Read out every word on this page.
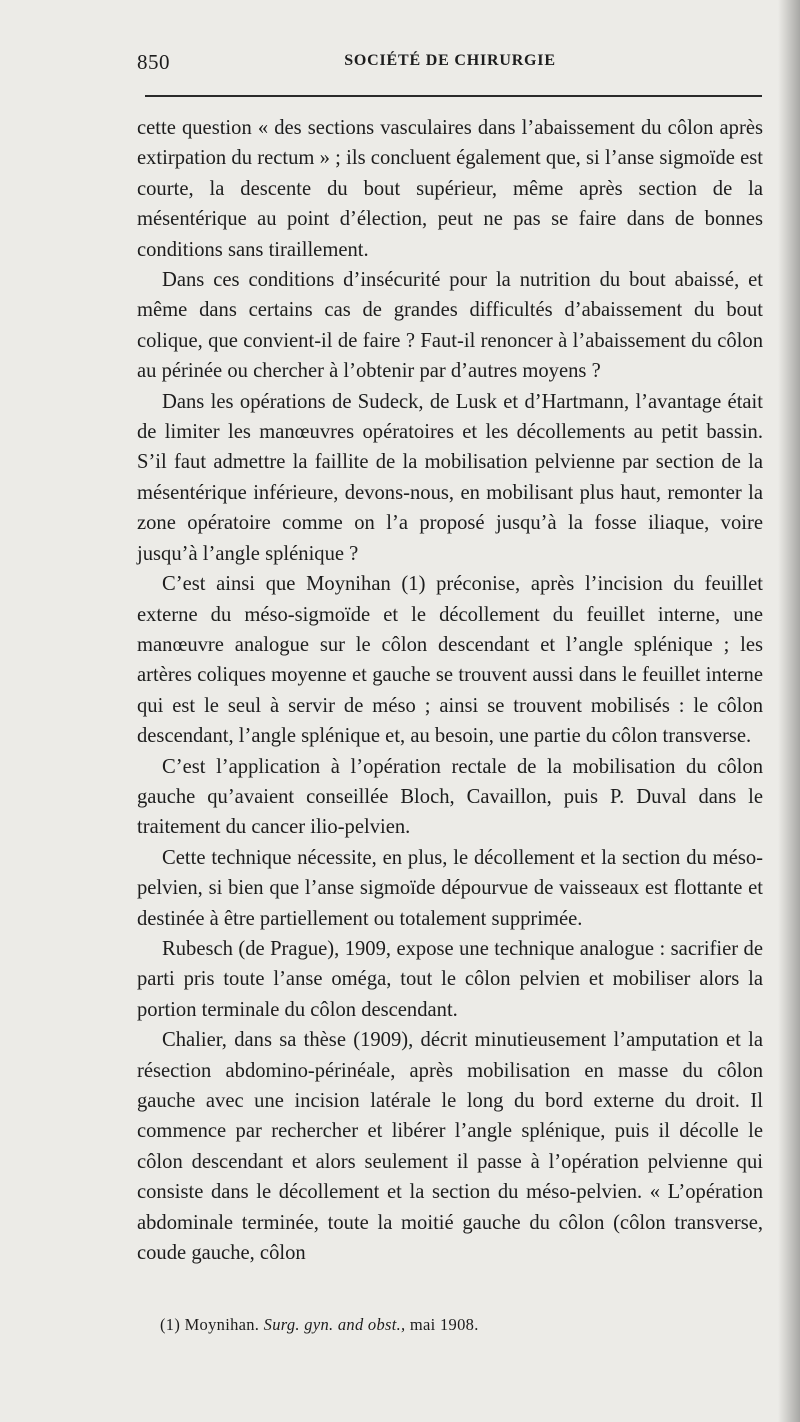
850	SOCIÉTÉ DE CHIRURGIE

cette question « des sections vasculaires dans l’abaissement du côlon après extirpation du rectum » ; ils concluent également que, si l’anse sigmoïde est courte, la descente du bout supérieur, même après section de la mésentérique au point d’élection, peut ne pas se faire dans de bonnes conditions sans tiraillement.

Dans ces conditions d’insécurité pour la nutrition du bout abaissé, et même dans certains cas de grandes difficultés d’abaissement du bout colique, que convient-il de faire ? Faut-il renoncer à l’abaissement du côlon au périnée ou chercher à l’obtenir par d’autres moyens ?

Dans les opérations de Sudeck, de Lusk et d’Hartmann, l’avantage était de limiter les manœuvres opératoires et les décollements au petit bassin. S’il faut admettre la faillite de la mobilisation pelvienne par section de la mésentérique inférieure, devons-nous, en mobilisant plus haut, remonter la zone opératoire comme on l’a proposé jusqu’à la fosse iliaque, voire jusqu’à l’angle splénique ?

C’est ainsi que Moynihan (1) préconise, après l’incision du feuillet externe du méso-sigmoïde et le décollement du feuillet interne, une manœuvre analogue sur le côlon descendant et l’angle splénique ; les artères coliques moyenne et gauche se trouvent aussi dans le feuillet interne qui est le seul à servir de méso ; ainsi se trouvent mobilisés : le côlon descendant, l’angle splénique et, au besoin, une partie du côlon transverse.

C’est l’application à l’opération rectale de la mobilisation du côlon gauche qu’avaient conseillée Bloch, Cavaillon, puis P. Duval dans le traitement du cancer ilio-pelvien.

Cette technique nécessite, en plus, le décollement et la section du méso-pelvien, si bien que l’anse sigmoïde dépourvue de vaisseaux est flottante et destinée à être partiellement ou totalement supprimée.

Rubesch (de Prague), 1909, expose une technique analogue : sacrifier de parti pris toute l’anse oméga, tout le côlon pelvien et mobiliser alors la portion terminale du côlon descendant.

Chalier, dans sa thèse (1909), décrit minutieusement l’amputation et la résection abdomino-périnéale, après mobilisation en masse du côlon gauche avec une incision latérale le long du bord externe du droit. Il commence par rechercher et libérer l’angle splénique, puis il décolle le côlon descendant et alors seulement il passe à l’opération pelvienne qui consiste dans le décollement et la section du méso-pelvien. « L’opération abdominale terminée, toute la moitié gauche du côlon (côlon transverse, coude gauche, côlon

(1) Moynihan. Surg. gyn. and obst., mai 1908.
